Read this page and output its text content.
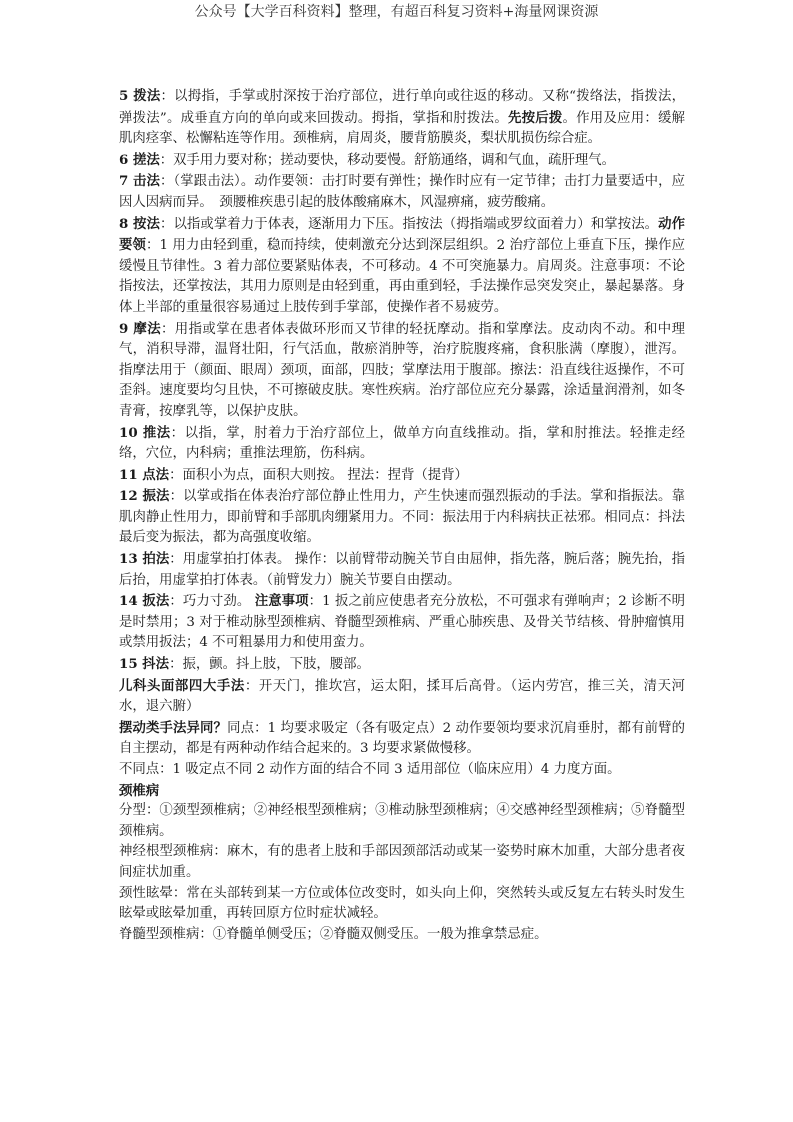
公众号【大学百科资料】整理，有超百科复习资料+海量网课资源

5 拨法：以拇指，手掌或肘深按于治疗部位，进行单向或往返的移动。又称“拨络法，指拨法，弹拨法”。成垂直方向的单向或来回拨动。拇指，掌指和肘拨法。先按后拨。作用及应用：缓解肌肉痉挛、松懈粘连等作用。颈椎病，肩周炎，腰背筋膜炎，梨状肌损伤综合症。

6 搓法：双手用力要对称；搓动要快，移动要慢。舒筋通络，调和气血，疏肝理气。

7 击法：（掌跟击法）。动作要领：击打时要有弹性；操作时应有一定节律；击打力量要适中，应因人因病而异。　颈腰椎疾患引起的肢体酸痛麻木，风湿痹痛，疲劳酸痛。

8 按法：以指或掌着力于体表，逐渐用力下压。指按法（拇指端或罗纹面着力）和掌按法。动作要领：1 用力由轻到重，稳而持续，使刺激充分达到深层组织。2 治疗部位上垂直下压，操作应缓慢且节律性。3 着力部位要紧贴体表，不可移动。4 不可突施暴力。肩周炎。注意事项：不论指按法，还掌按法，其用力原则是由轻到重，再由重到轻，手法操作忌突发突止，暴起暴落。身体上半部的重量很容易通过上肢传到手掌部，使操作者不易疲劳。

9 摩法：用指或掌在患者体表做环形而又节律的轻抚摩动。指和掌摩法。皮动肉不动。和中理气，消积导滞，温肾壮阳，行气活血，散瘀消肿等，治疗脘腹疼痛，食积胀满（摩腹），泄泻。指摩法用于（颜面、眼周）颈项，面部，四肢；掌摩法用于腹部。擦法：沿直线往返操作，不可歪斜。速度要均匀且快，不可擦破皮肤。寒性疾病。治疗部位应充分暴露，涂适量润滑剂，如冬青膏，按摩乳等，以保护皮肤。

10 推法：以指，掌，肘着力于治疗部位上，做单方向直线推动。指，掌和肘推法。轻推走经络，穴位，内科病；重推法理筋，伤科病。

11 点法：面积小为点，面积大则按。 捏法：捏背（提背）

12 振法：以掌或指在体表治疗部位静止性用力，产生快速而强烈振动的手法。掌和指振法。靠肌肉静止性用力，即前臂和手部肌肉绷紧用力。不同：振法用于内科病扶正祛邪。相同点：抖法最后变为振法，都为高强度收缩。

13 拍法：用虚掌拍打体表。 操作：以前臂带动腕关节自由屈伸，指先落，腕后落；腕先抬，指后抬，用虚掌拍打体表。（前臂发力）腕关节要自由摆动。

14 扳法：巧力寸劲。 注意事项：1 扳之前应使患者充分放松，不可强求有弹响声；2 诊断不明是时禁用；3 对于椎动脉型颈椎病、脊髓型颈椎病、严重心肺疾患、及骨关节结核、骨肿瘤慎用或禁用扳法；4 不可粗暴用力和使用蛮力。

15 抖法：振，颤。抖上肢，下肢，腰部。

儿科头面部四大手法：开天门，推坎宫，运太阳，揉耳后高骨。（运内劳宫，推三关，清天河水，退六腑）

摆动类手法异同？同点：1 均要求吸定（各有吸定点）2 动作要领均要求沉肩垂肘，都有前臂的自主摆动，都是有两种动作结合起来的。3 均要求紧做慢移。

不同点：1 吸定点不同 2 动作方面的结合不同 3 适用部位（临床应用）4 力度方面。

颈椎病

分型：①颈型颈椎病；②神经根型颈椎病；③椎动脉型颈椎病；④交感神经型颈椎病；⑤脊髓型颈椎病。

神经根型颈椎病：麻木，有的患者上肢和手部因颈部活动或某一姿势时麻木加重，大部分患者夜间症状加重。

颈性眩晕：常在头部转到某一方位或体位改变时，如头向上仰，突然转头或反复左右转头时发生眩晕或眩晕加重，再转回原方位时症状减轻。

脊髓型颈椎病：①脊髓单侧受压；②脊髓双侧受压。一般为推拿禁忌症。
